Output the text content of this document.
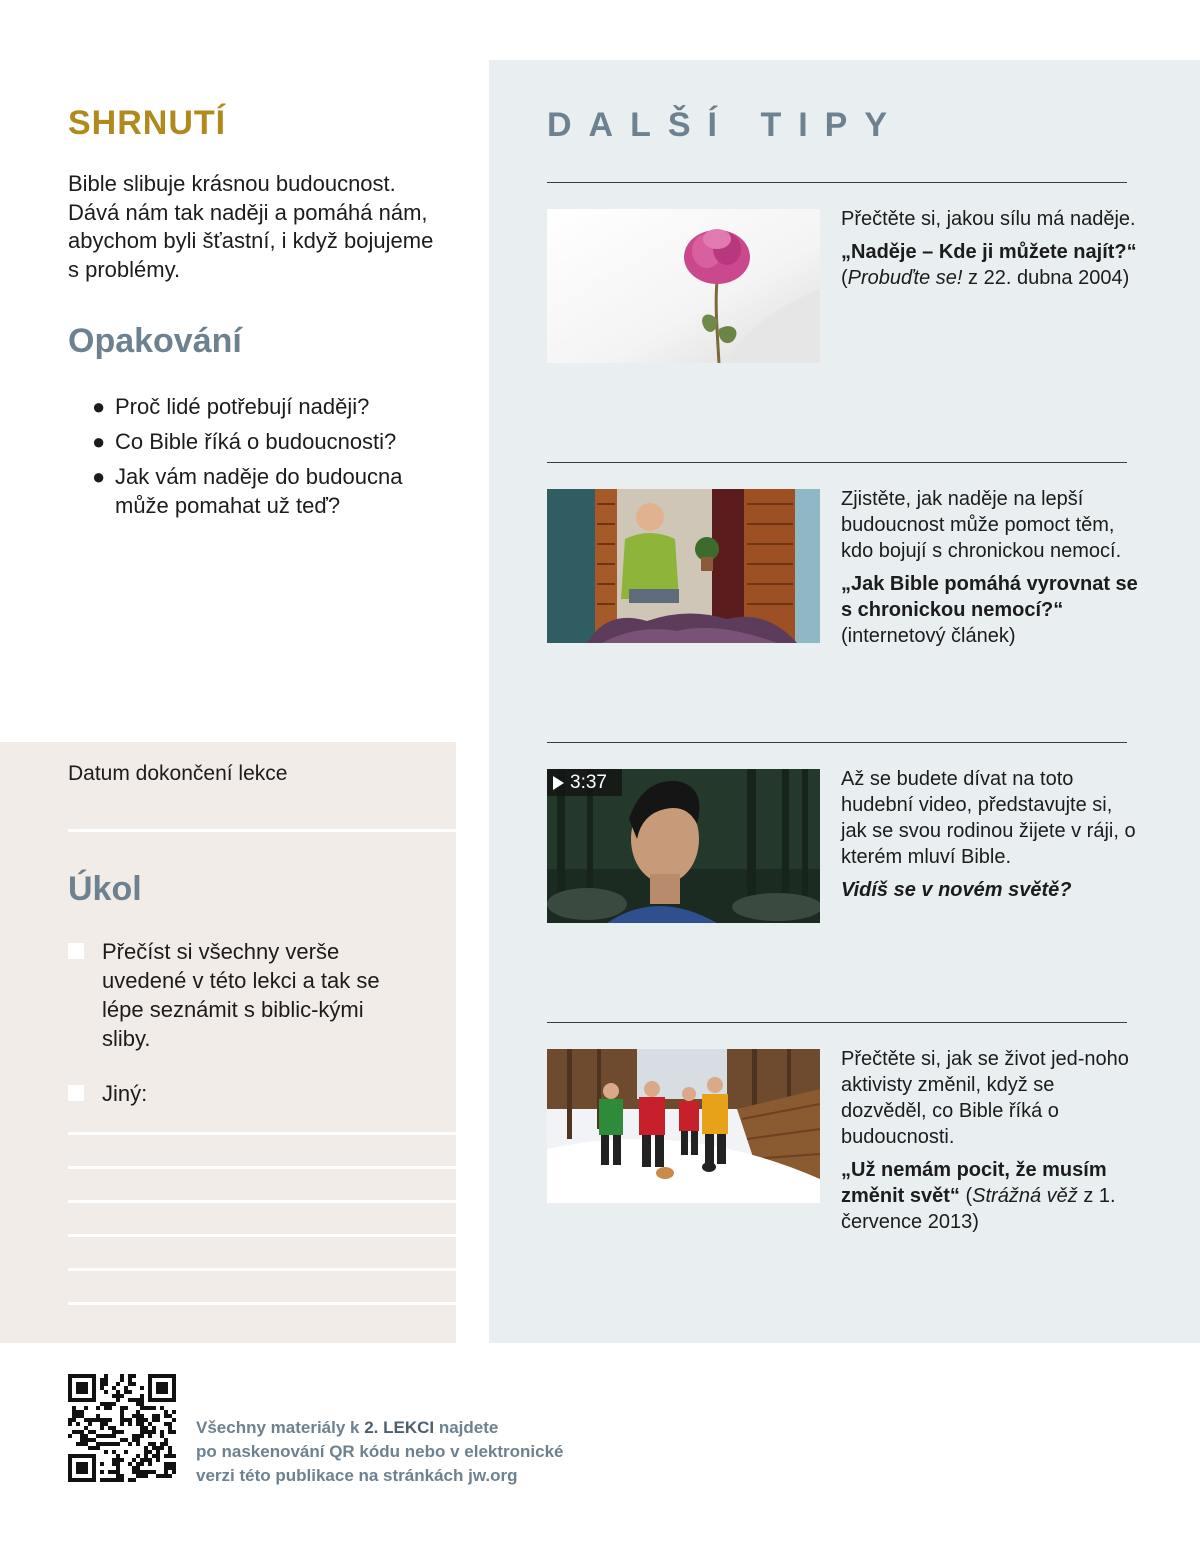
SHRNUTÍ

Bible slibuje krásnou budoucnost. Dává nám tak naději a pomáhá nám, abychom byli šťastní, i když bojujeme s problémy.

Opakování
● Proč lidé potřebují naději?
● Co Bible říká o budoucnosti?
● Jak vám naděje do budoucna může pomahat už teď?
Datum dokončení lekce
Úkol
Přečíst si všechny verše uvedené v této lekci a tak se lépe seznámit s biblic-kými sliby.
Jiný:
DALŠÍ TIPY
Přečtěte si, jakou sílu má naděje.
„Naděje – Kde ji můžete najít?“ (Probuďte se! z 22. dubna 2004)
Zjistěte, jak naděje na lepší budoucnost může pomoct těm, kdo bojují s chronickou nemocí.
„Jak Bible pomáhá vyrovnat se s chronickou nemocí?“ (internetový článek)
3:37	Až se budete dívat na toto hudební video, představujte si, jak se svou rodinou žijete v ráji, o kterém mluví Bible.
Vidíš se v novém světě?
Přečtěte si, jak se život jed-noho aktivisty změnil, když se dozvěděl, co Bible říká o budoucnosti.
„Už nemám pocit, že musím změnit svět“ (Strážná věž z 1. července 2013)
Všechny materiály k 2. LEKCI najdete
po naskenování QR kódu nebo v elektronické
verzi této publikace na stránkách jw.org
